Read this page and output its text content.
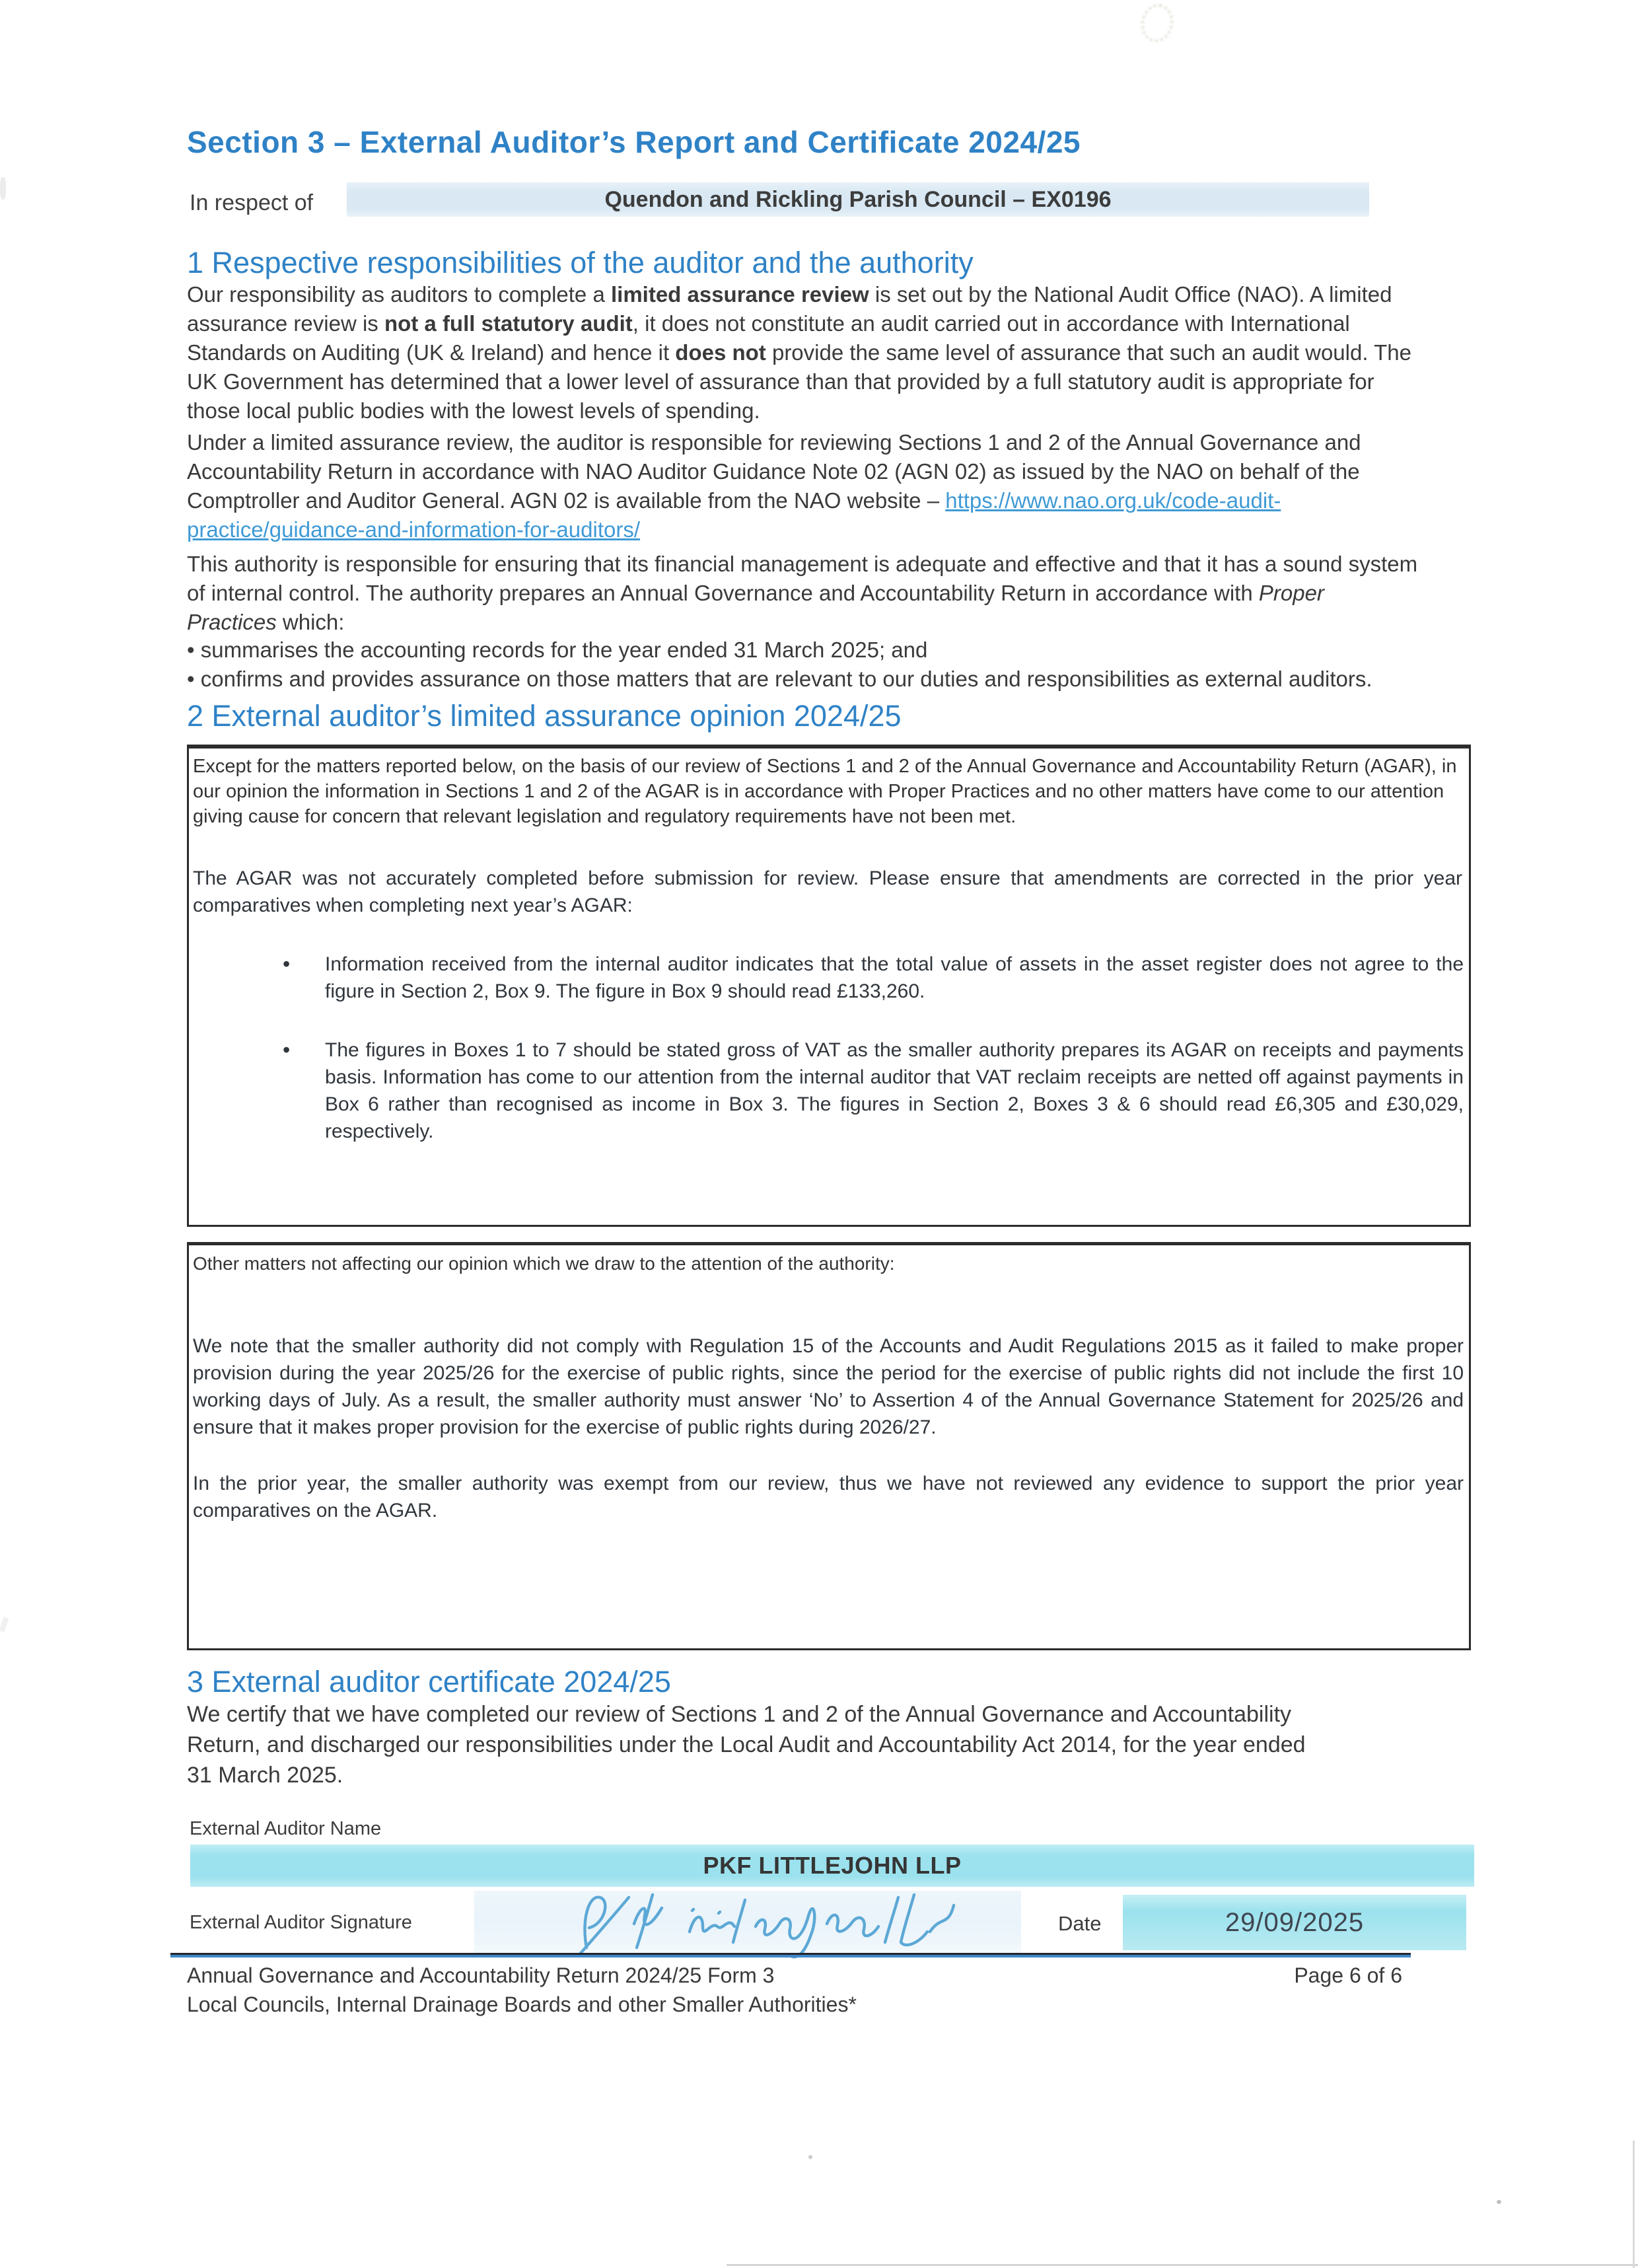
Section 3 – External Auditor’s Report and Certificate 2024/25
In respect of	Quendon and Rickling Parish Council – EX0196
1 Respective responsibilities of the auditor and the authority

Our responsibility as auditors to complete a limited assurance review is set out by the National Audit Office (NAO). A limited assurance review is not a full statutory audit, it does not constitute an audit carried out in accordance with International Standards on Auditing (UK & Ireland) and hence it does not provide the same level of assurance that such an audit would. The UK Government has determined that a lower level of assurance than that provided by a full statutory audit is appropriate for those local public bodies with the lowest levels of spending.

Under a limited assurance review, the auditor is responsible for reviewing Sections 1 and 2 of the Annual Governance and Accountability Return in accordance with NAO Auditor Guidance Note 02 (AGN 02) as issued by the NAO on behalf of the Comptroller and Auditor General. AGN 02 is available from the NAO website – https://www.nao.org.uk/code-audit-practice/guidance-and-information-for-auditors/

This authority is responsible for ensuring that its financial management is adequate and effective and that it has a sound system of internal control. The authority prepares an Annual Governance and Accountability Return in accordance with Proper Practices which:

• summarises the accounting records for the year ended 31 March 2025; and
• confirms and provides assurance on those matters that are relevant to our duties and responsibilities as external auditors.
2 External auditor’s limited assurance opinion 2024/25

Except for the matters reported below, on the basis of our review of Sections 1 and 2 of the Annual Governance and Accountability Return (AGAR), in our opinion the information in Sections 1 and 2 of the AGAR is in accordance with Proper Practices and no other matters have come to our attention giving cause for concern that relevant legislation and regulatory requirements have not been met.

The AGAR was not accurately completed before submission for review. Please ensure that amendments are corrected in the prior year comparatives when completing next year’s AGAR:

• Information received from the internal auditor indicates that the total value of assets in the asset register does not agree to the figure in Section 2, Box 9. The figure in Box 9 should read £133,260.
• The figures in Boxes 1 to 7 should be stated gross of VAT as the smaller authority prepares its AGAR on receipts and payments basis. Information has come to our attention from the internal auditor that VAT reclaim receipts are netted off against payments in Box 6 rather than recognised as income in Box 3. The figures in Section 2, Boxes 3 & 6 should read £6,305 and £30,029, respectively.

Other matters not affecting our opinion which we draw to the attention of the authority:

We note that the smaller authority did not comply with Regulation 15 of the Accounts and Audit Regulations 2015 as it failed to make proper provision during the year 2025/26 for the exercise of public rights, since the period for the exercise of public rights did not include the first 10 working days of July. As a result, the smaller authority must answer ‘No’ to Assertion 4 of the Annual Governance Statement for 2025/26 and ensure that it makes proper provision for the exercise of public rights during 2026/27.

In the prior year, the smaller authority was exempt from our review, thus we have not reviewed any evidence to support the prior year comparatives on the AGAR.

3 External auditor certificate 2024/25

We certify that we have completed our review of Sections 1 and 2 of the Annual Governance and Accountability Return, and discharged our responsibilities under the Local Audit and Accountability Act 2014, for the year ended 31 March 2025.

External Auditor Name
PKF LITTLEJOHN LLP
External Auditor Signature	Date	29/09/2025
Annual Governance and Accountability Return 2024/25 Form 3	Page 6 of 6
Local Councils, Internal Drainage Boards and other Smaller Authorities*
